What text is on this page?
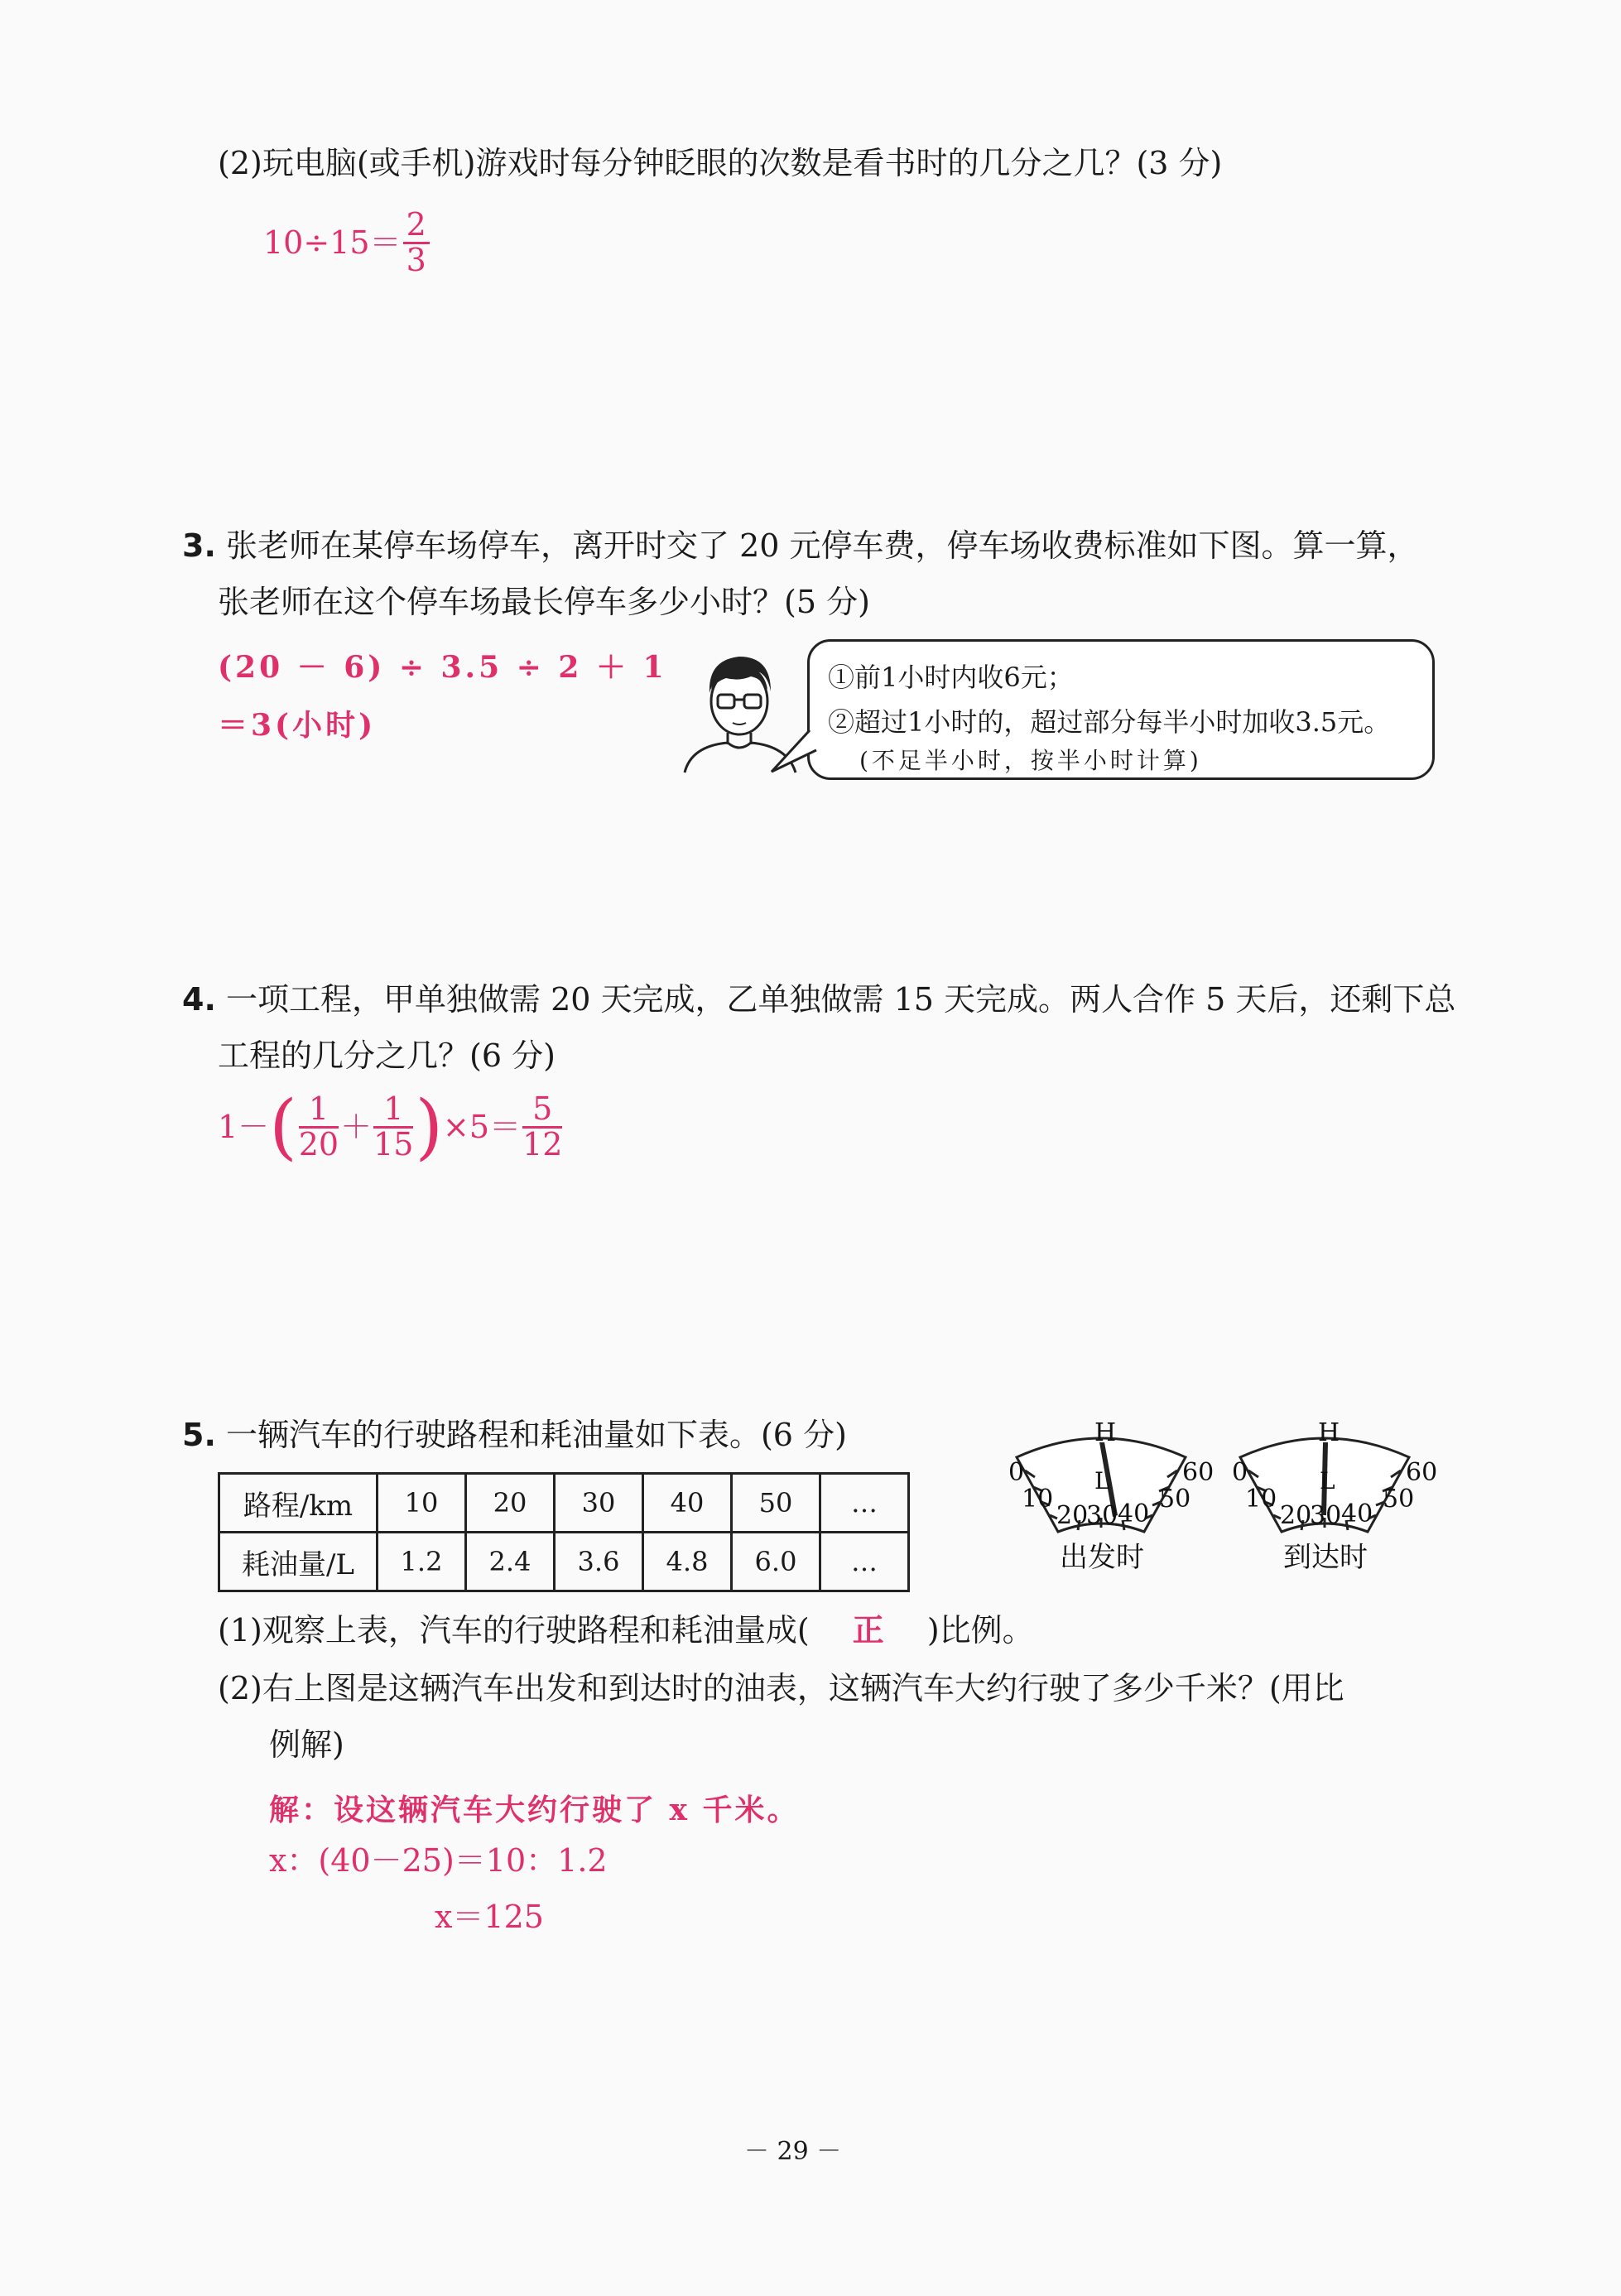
(2)玩电脑(或手机)游戏时每分钟眨眼的次数是看书时的几分之几？(3 分)
$10\div 15= \frac{2}{3}$
3. 张老师在某停车场停车，离开时交了 20 元停车费，停车场收费标准如下图。算一算，
张老师在这个停车场最长停车多少小时？(5 分)
(20 － 6) ÷ 3.5 ÷ 2 ＋ 1
＝3(小时)
①前1小时内收6元；
②超过1小时的，超过部分每半小时加收3.5元。
(不足半小时，按半小时计算)
4. 一项工程，甲单独做需 20 天完成，乙单独做需 15 天完成。两人合作 5 天后，还剩下总
工程的几分之几？(6 分)
1－ ( $\frac{1}{20} + \frac{1}{15}$ ) $\times 5= \frac{5}{12}$
5. 一辆汽车的行驶路程和耗油量如下表。(6 分)
路程/km	10	20	30	40	50	…
耗油量/L	1.2	2.4	3.6	4.8	6.0	…
H
L
0
10
20
30 40
50
60
H
L
0
10
20
30 40
50
60
出发时	到达时
(1)观察上表，汽车的行驶路程和耗油量成( 正 )比例。
(2)右上图是这辆汽车出发和到达时的油表，这辆汽车大约行驶了多少千米？(用比
例解)
解：设这辆汽车大约行驶了 x 千米。
x：(40－25)＝10：1.2
x＝125
－ 29 －
